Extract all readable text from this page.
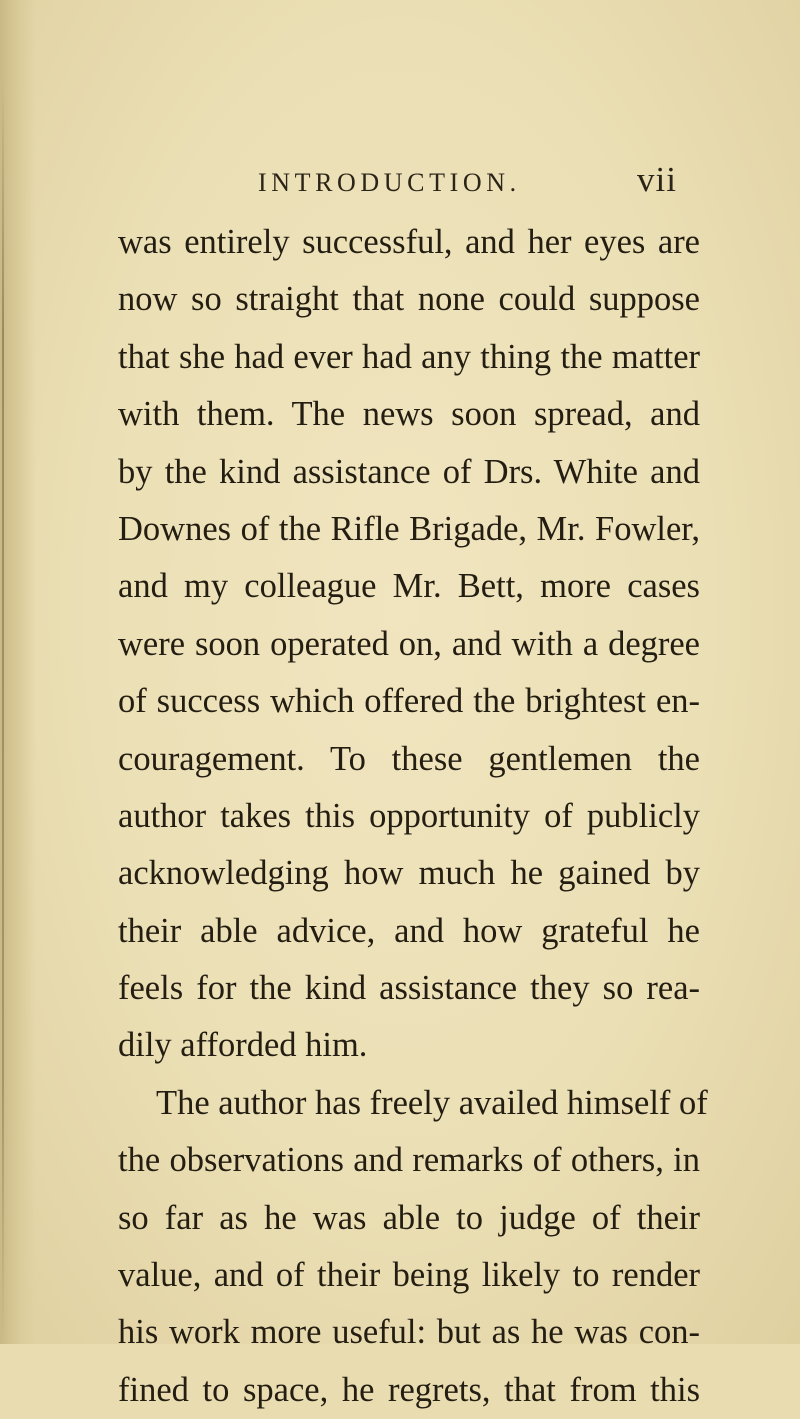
INTRODUCTION.	vii
was entirely successful, and her eyes are
now so straight that none could suppose
that she had ever had any thing the matter
with them. The news soon spread, and
by the kind assistance of Drs. White and
Downes of the Rifle Brigade, Mr. Fowler,
and my colleague Mr. Bett, more cases
were soon operated on, and with a degree
of success which offered the brightest en-
couragement. To these gentlemen the
author takes this opportunity of publicly
acknowledging how much he gained by
their able advice, and how grateful he
feels for the kind assistance they so rea-
dily afforded him.
The author has freely availed himself of
the observations and remarks of others, in
so far as he was able to judge of their
value, and of their being likely to render
his work more useful: but as he was con-
fined to space, he regrets, that from this
